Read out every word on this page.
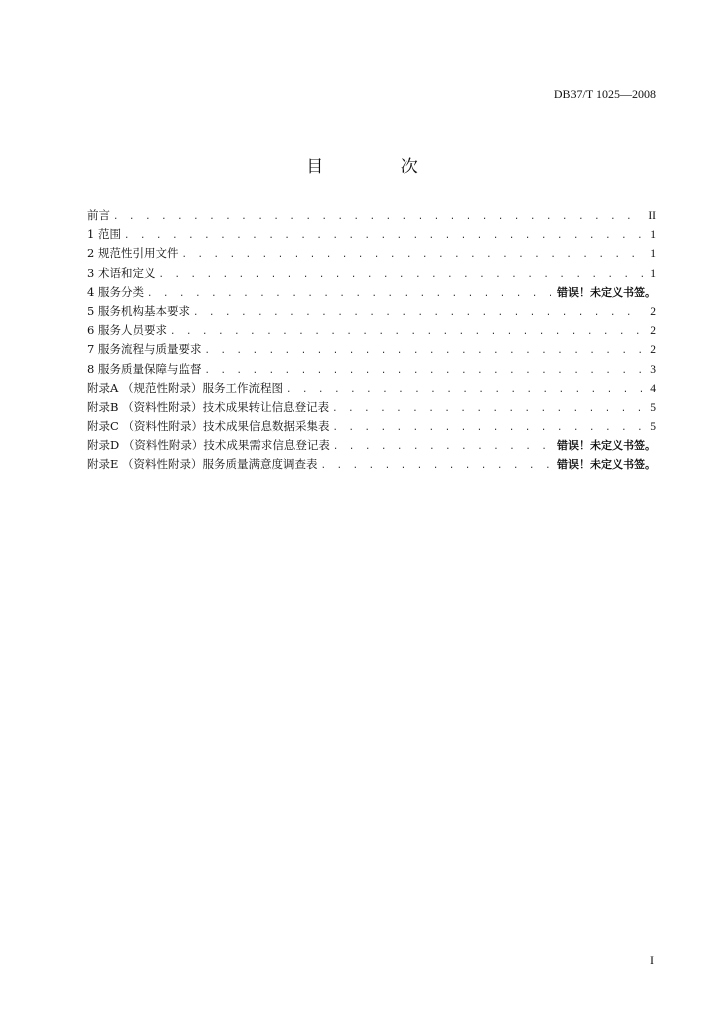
DB37/T 1025—2008
目 次
前言 . . .	II
1 范围 . . .	1
2 规范性引用文件 . . .	1
3 术语和定义 . . .	1
4 服务分类 . . .	错误！未定义书签。
5 服务机构基本要求 . . .	2
6 服务人员要求 . . .	2
7 服务流程与质量要求 . . .	2
8 服务质量保障与监督 . . .	3
附录A （规范性附录）服务工作流程图 . . .	4
附录B （资料性附录）技术成果转让信息登记表 . . .	5
附录C （资料性附录）技术成果信息数据采集表 . . .	5
附录D （资料性附录）技术成果需求信息登记表 . . .	错误！未定义书签。
附录E （资料性附录）服务质量满意度调查表 . . .	错误！未定义书签。
I
